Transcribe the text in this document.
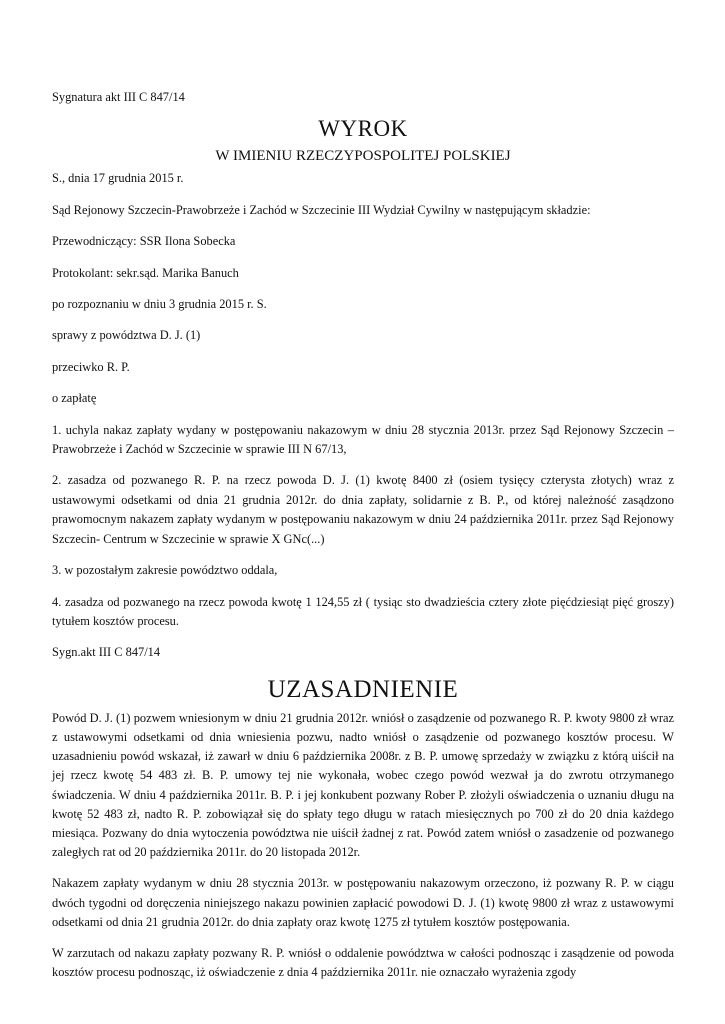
Sygnatura akt III C 847/14

WYROK

W IMIENIU RZECZYPOSPOLITEJ POLSKIEJ

S., dnia 17 grudnia 2015 r.

Sąd Rejonowy Szczecin-Prawobrzeże i Zachód w Szczecinie III Wydział Cywilny w następującym składzie:

Przewodniczący: SSR Ilona Sobecka

Protokolant: sekr.sąd. Marika Banuch

po rozpoznaniu w dniu 3 grudnia 2015 r. S.

sprawy z powództwa D. J. (1)

przeciwko R. P.

o zapłatę

1. uchyla nakaz zapłaty wydany w postępowaniu nakazowym w dniu 28 stycznia 2013r. przez Sąd Rejonowy Szczecin – Prawobrzeże i Zachód w Szczecinie w sprawie III N 67/13,

2. zasadza od pozwanego R. P. na rzecz powoda D. J. (1) kwotę 8400 zł (osiem tysięcy czterysta złotych) wraz z ustawowymi odsetkami od dnia 21 grudnia 2012r. do dnia zapłaty, solidarnie z B. P., od której należność zasądzono prawomocnym nakazem zapłaty wydanym w postępowaniu nakazowym w dniu 24 października 2011r. przez Sąd Rejonowy Szczecin- Centrum w Szczecinie w sprawie X GNc(...)

3. w pozostałym zakresie powództwo oddala,

4. zasadza od pozwanego na rzecz powoda kwotę 1 124,55 zł ( tysiąc sto dwadzieścia cztery złote pięćdziesiąt pięć groszy) tytułem kosztów procesu.

Sygn.akt III C 847/14

UZASADNIENIE

Powód D. J. (1) pozwem wniesionym w dniu 21 grudnia 2012r. wniósł o zasądzenie od pozwanego R. P. kwoty 9800 zł wraz z ustawowymi odsetkami od dnia wniesienia pozwu, nadto wniósł o zasądzenie od pozwanego kosztów procesu. W uzasadnieniu powód wskazał, iż zawarł w dniu 6 października 2008r. z B. P. umowę sprzedaży w związku z którą uiścił na jej rzecz kwotę 54 483 zł. B. P. umowy tej nie wykonała, wobec czego powód wezwał ja do zwrotu otrzymanego świadczenia. W dniu 4 października 2011r. B. P. i jej konkubent pozwany Rober P. złożyli oświadczenia o uznaniu długu na kwotę 52 483 zł, nadto R. P. zobowiązał się do spłaty tego długu w ratach miesięcznych po 700 zł do 20 dnia każdego miesiąca. Pozwany do dnia wytoczenia powództwa nie uiścił żadnej z rat. Powód zatem wniósł o zasadzenie od pozwanego zaległych rat od 20 października 2011r. do 20 listopada 2012r.

Nakazem zapłaty wydanym w dniu 28 stycznia 2013r. w postępowaniu nakazowym orzeczono, iż pozwany R. P. w ciągu dwóch tygodni od doręczenia niniejszego nakazu powinien zapłacić powodowi D. J. (1) kwotę 9800 zł wraz z ustawowymi odsetkami od dnia 21 grudnia 2012r. do dnia zapłaty oraz kwotę 1275 zł tytułem kosztów postępowania.

W zarzutach od nakazu zapłaty pozwany R. P. wniósł o oddalenie powództwa w całości podnosząc i zasądzenie od powoda kosztów procesu podnosząc, iż oświadczenie z dnia 4 października 2011r. nie oznaczało wyrażenia zgody
